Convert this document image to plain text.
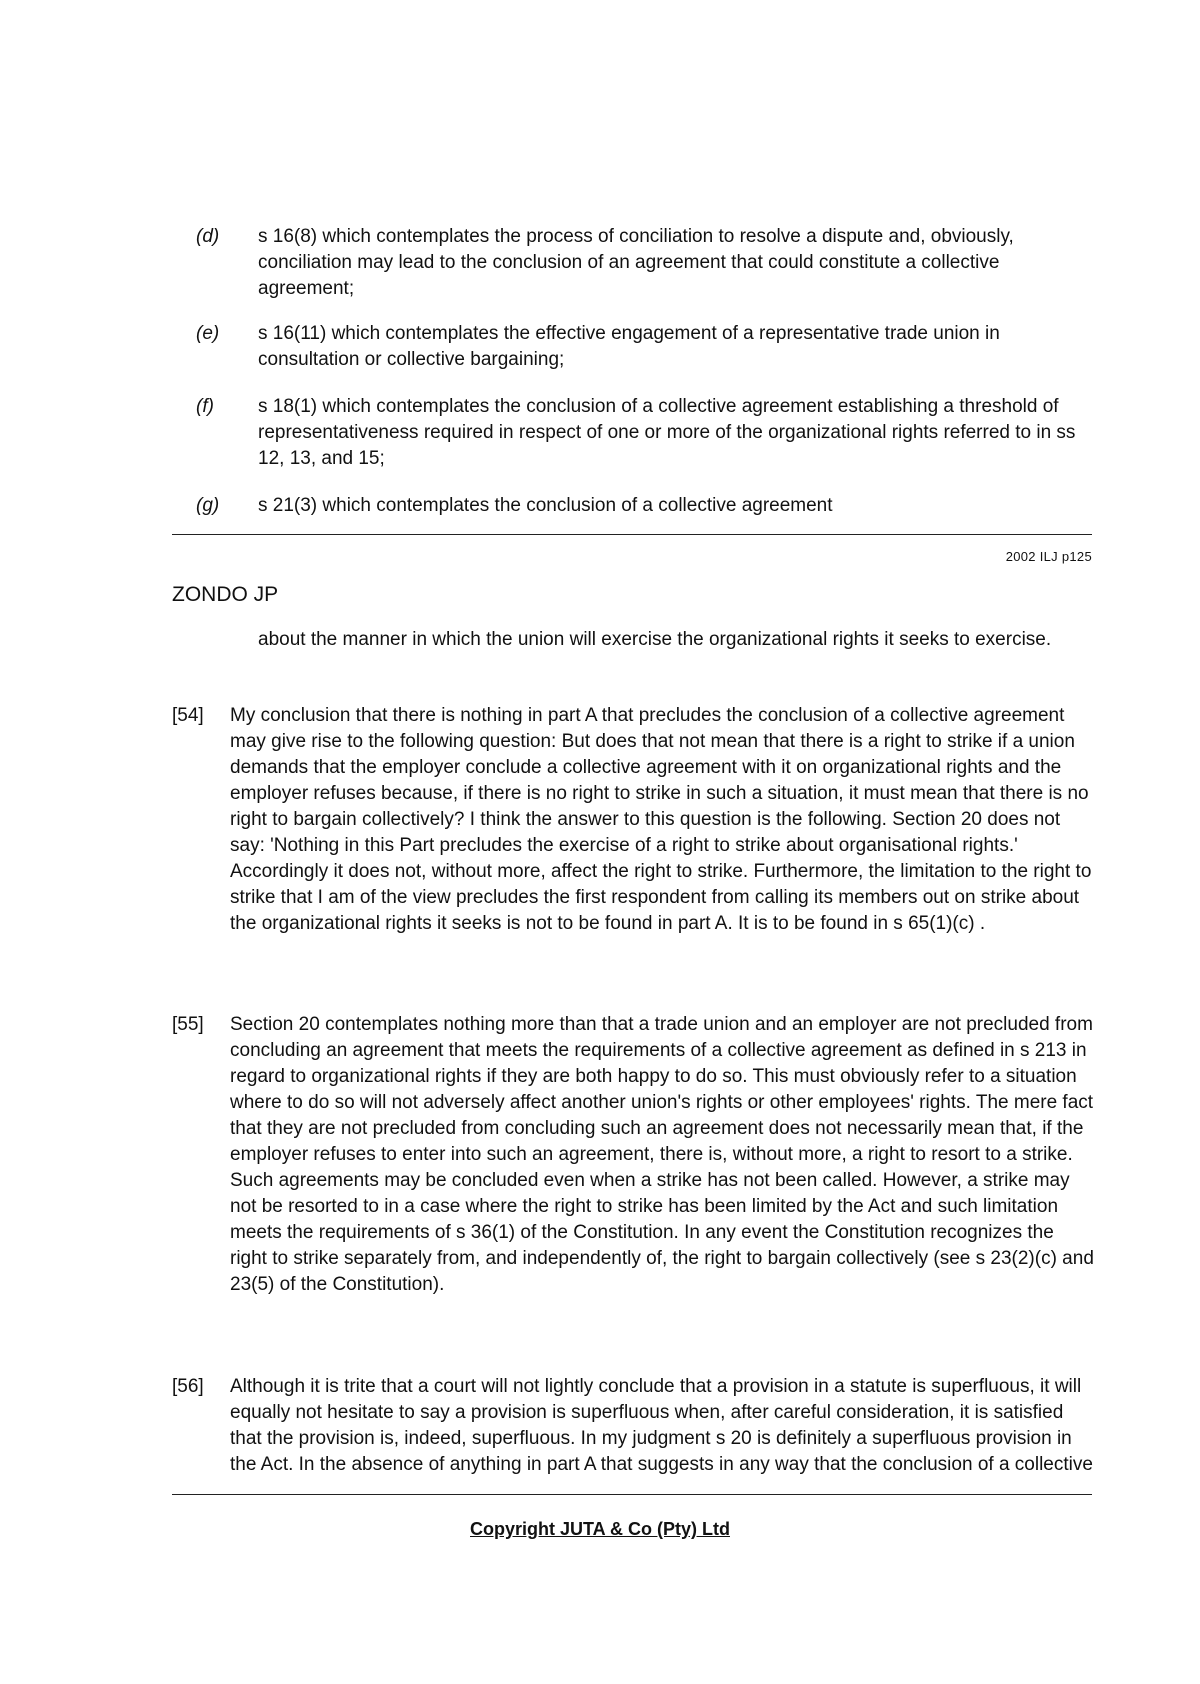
(d) s 16(8) which contemplates the process of conciliation to resolve a dispute and, obviously, conciliation may lead to the conclusion of an agreement that could constitute a collective agreement;
(e) s 16(11) which contemplates the effective engagement of a representative trade union in consultation or collective bargaining;
(f) s 18(1) which contemplates the conclusion of a collective agreement establishing a threshold of representativeness required in respect of one or more of the organizational rights referred to in ss 12, 13, and 15;
(g) s 21(3) which contemplates the conclusion of a collective agreement
2002 ILJ p125
ZONDO JP
about the manner in which the union will exercise the organizational rights it seeks to exercise.
[54] My conclusion that there is nothing in part A that precludes the conclusion of a collective agreement may give rise to the following question: But does that not mean that there is a right to strike if a union demands that the employer conclude a collective agreement with it on organizational rights and the employer refuses because, if there is no right to strike in such a situation, it must mean that there is no right to bargain collectively? I think the answer to this question is the following. Section 20 does not say: 'Nothing in this Part precludes the exercise of a right to strike about organisational rights.' Accordingly it does not, without more, affect the right to strike. Furthermore, the limitation to the right to strike that I am of the view precludes the first respondent from calling its members out on strike about the organizational rights it seeks is not to be found in part A. It is to be found in s 65(1)(c) .
[55] Section 20 contemplates nothing more than that a trade union and an employer are not precluded from concluding an agreement that meets the requirements of a collective agreement as defined in s 213 in regard to organizational rights if they are both happy to do so. This must obviously refer to a situation where to do so will not adversely affect another union's rights or other employees' rights. The mere fact that they are not precluded from concluding such an agreement does not necessarily mean that, if the employer refuses to enter into such an agreement, there is, without more, a right to resort to a strike. Such agreements may be concluded even when a strike has not been called. However, a strike may not be resorted to in a case where the right to strike has been limited by the Act and such limitation meets the requirements of s 36(1) of the Constitution. In any event the Constitution recognizes the right to strike separately from, and independently of, the right to bargain collectively (see s 23(2)(c) and 23(5) of the Constitution).
[56] Although it is trite that a court will not lightly conclude that a provision in a statute is superfluous, it will equally not hesitate to say a provision is superfluous when, after careful consideration, it is satisfied that the provision is, indeed, superfluous. In my judgment s 20 is definitely a superfluous provision in the Act. In the absence of anything in part A that suggests in any way that the conclusion of a collective
Copyright JUTA & Co (Pty) Ltd
